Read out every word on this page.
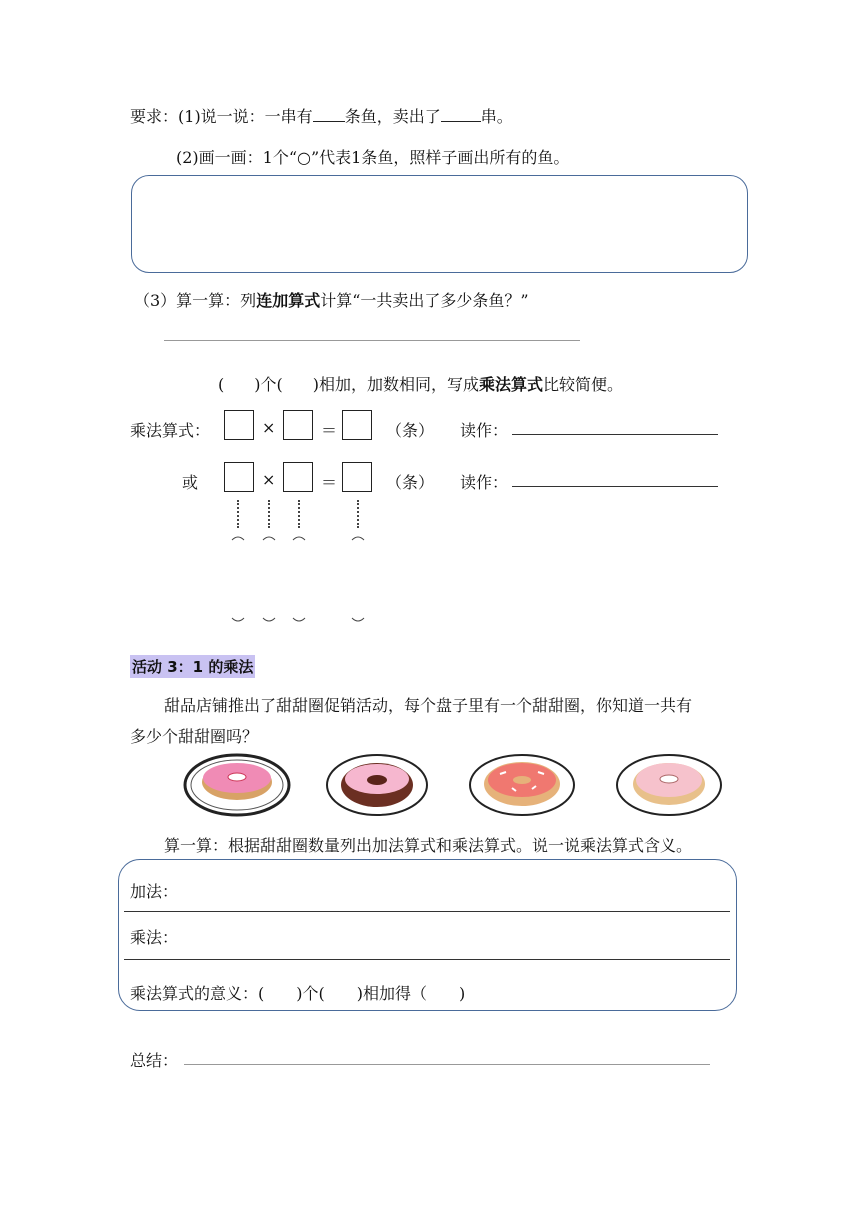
要求：(1)说一说：一串有 条鱼，卖出了	串。
(2)画一画：1个“○”代表1条鱼，照样子画出所有的鱼。
（3）算一算：列连加算式计算“一共卖出了多少条鱼？”
( )个( )相加，加数相同，写成乘法算式比较简便。
乘法算式：	×	＝	（条） 读作：
或	×	＝	（条） 读作：
活动 3：1 的乘法
甜品店铺推出了甜甜圈促销活动，每个盘子里有一个甜甜圈，你知道一共有
多少个甜甜圈吗？
算一算：根据甜甜圈数量列出加法算式和乘法算式。说一说乘法算式含义。
加法：
乘法：
乘法算式的意义：(　　)个(　　)相加得（　　)
总结：
